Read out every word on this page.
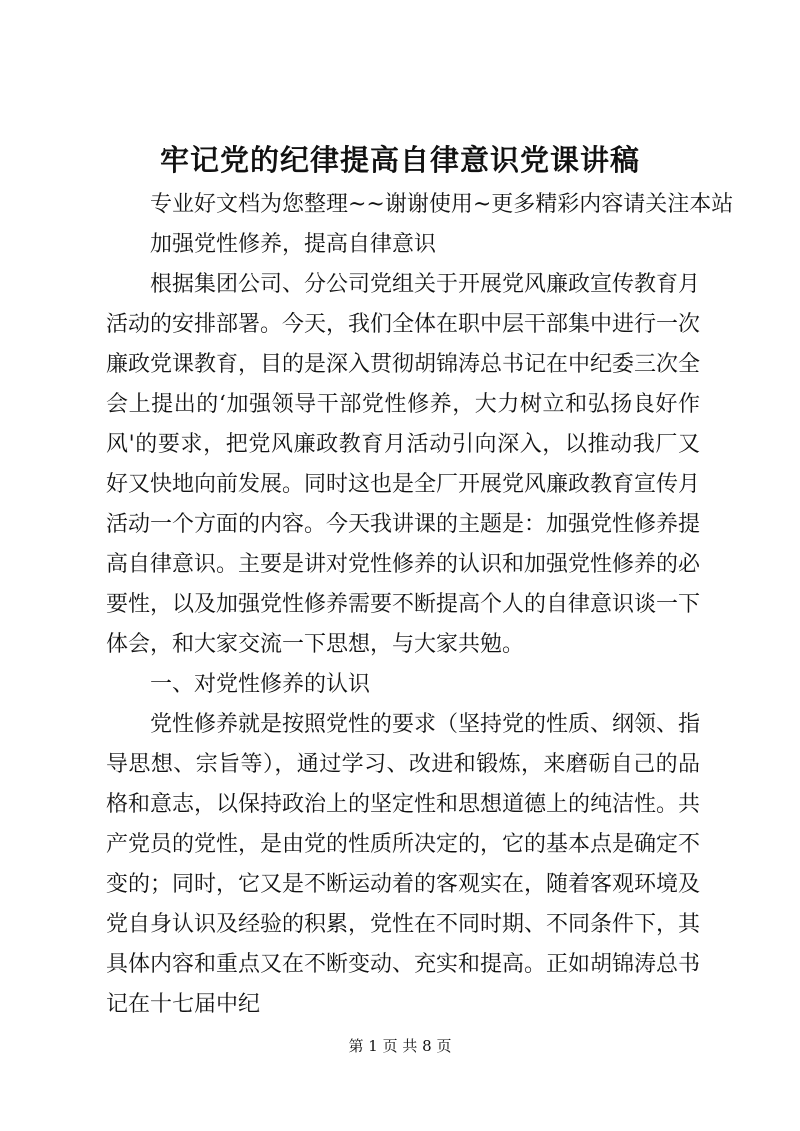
牢记党的纪律提高自律意识党课讲稿

专业好文档为您整理~~谢谢使用~更多精彩内容请关注本站

加强党性修养，提高自律意识

根据集团公司、分公司党组关于开展党风廉政宣传教育月活动的安排部署。今天，我们全体在职中层干部集中进行一次廉政党课教育，目的是深入贯彻胡锦涛总书记在中纪委三次全会上提出的‘加强领导干部党性修养，大力树立和弘扬良好作风'的要求，把党风廉政教育月活动引向深入，以推动我厂又好又快地向前发展。同时这也是全厂开展党风廉政教育宣传月活动一个方面的内容。今天我讲课的主题是：加强党性修养提高自律意识。主要是讲对党性修养的认识和加强党性修养的必要性，以及加强党性修养需要不断提高个人的自律意识谈一下体会，和大家交流一下思想，与大家共勉。

一、对党性修养的认识

党性修养就是按照党性的要求（坚持党的性质、纲领、指导思想、宗旨等），通过学习、改进和锻炼，来磨砺自己的品格和意志，以保持政治上的坚定性和思想道德上的纯洁性。共产党员的党性，是由党的性质所决定的，它的基本点是确定不变的；同时，它又是不断运动着的客观实在，随着客观环境及党自身认识及经验的积累，党性在不同时期、不同条件下，其具体内容和重点又在不断变动、充实和提高。正如胡锦涛总书记在十七届中纪

第 1 页 共 8 页
